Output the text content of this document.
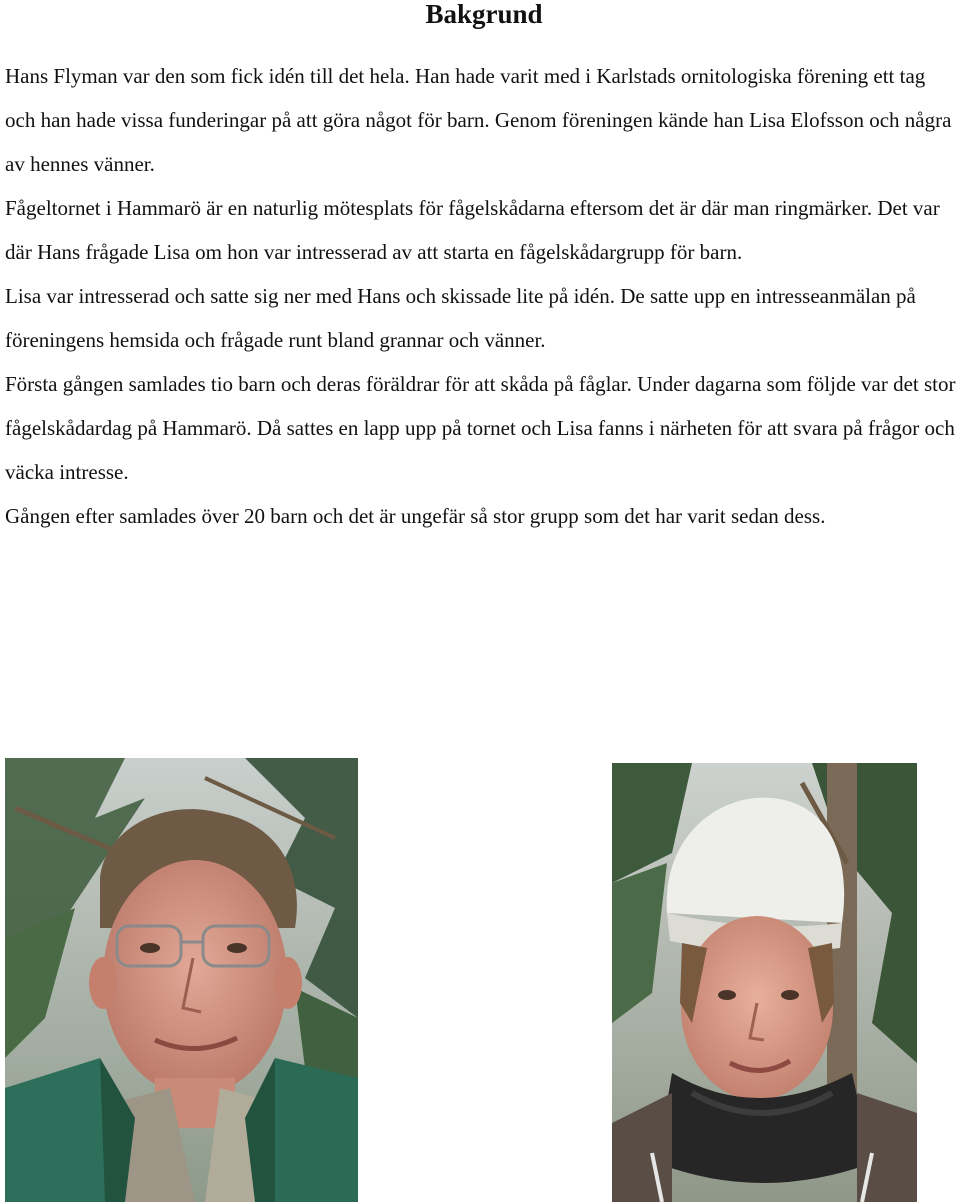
Bakgrund

Hans Flyman var den som fick idén till det hela. Han hade varit med i Karlstads ornitologiska förening ett tag och han hade vissa funderingar på att göra något för barn. Genom föreningen kände han Lisa Elofsson och några av hennes vänner.

Fågeltornet i Hammarö är en naturlig mötesplats för fågelskådarna eftersom det är där man ringmärker. Det var där Hans frågade Lisa om hon var intresserad av att starta en fågelskådargrupp för barn.

Lisa var intresserad och satte sig ner med Hans och skissade lite på idén. De satte upp en intresseanmälan på föreningens hemsida och frågade runt bland grannar och vänner.

Första gången samlades tio barn och deras föräldrar för att skåda på fåglar. Under dagarna som följde var det stor fågelskådardag på Hammarö. Då sattes en lapp upp på tornet och Lisa fanns i närheten för att svara på frågor och väcka intresse.

Gången efter samlades över 20 barn och det är ungefär så stor grupp som det har varit sedan dess.
